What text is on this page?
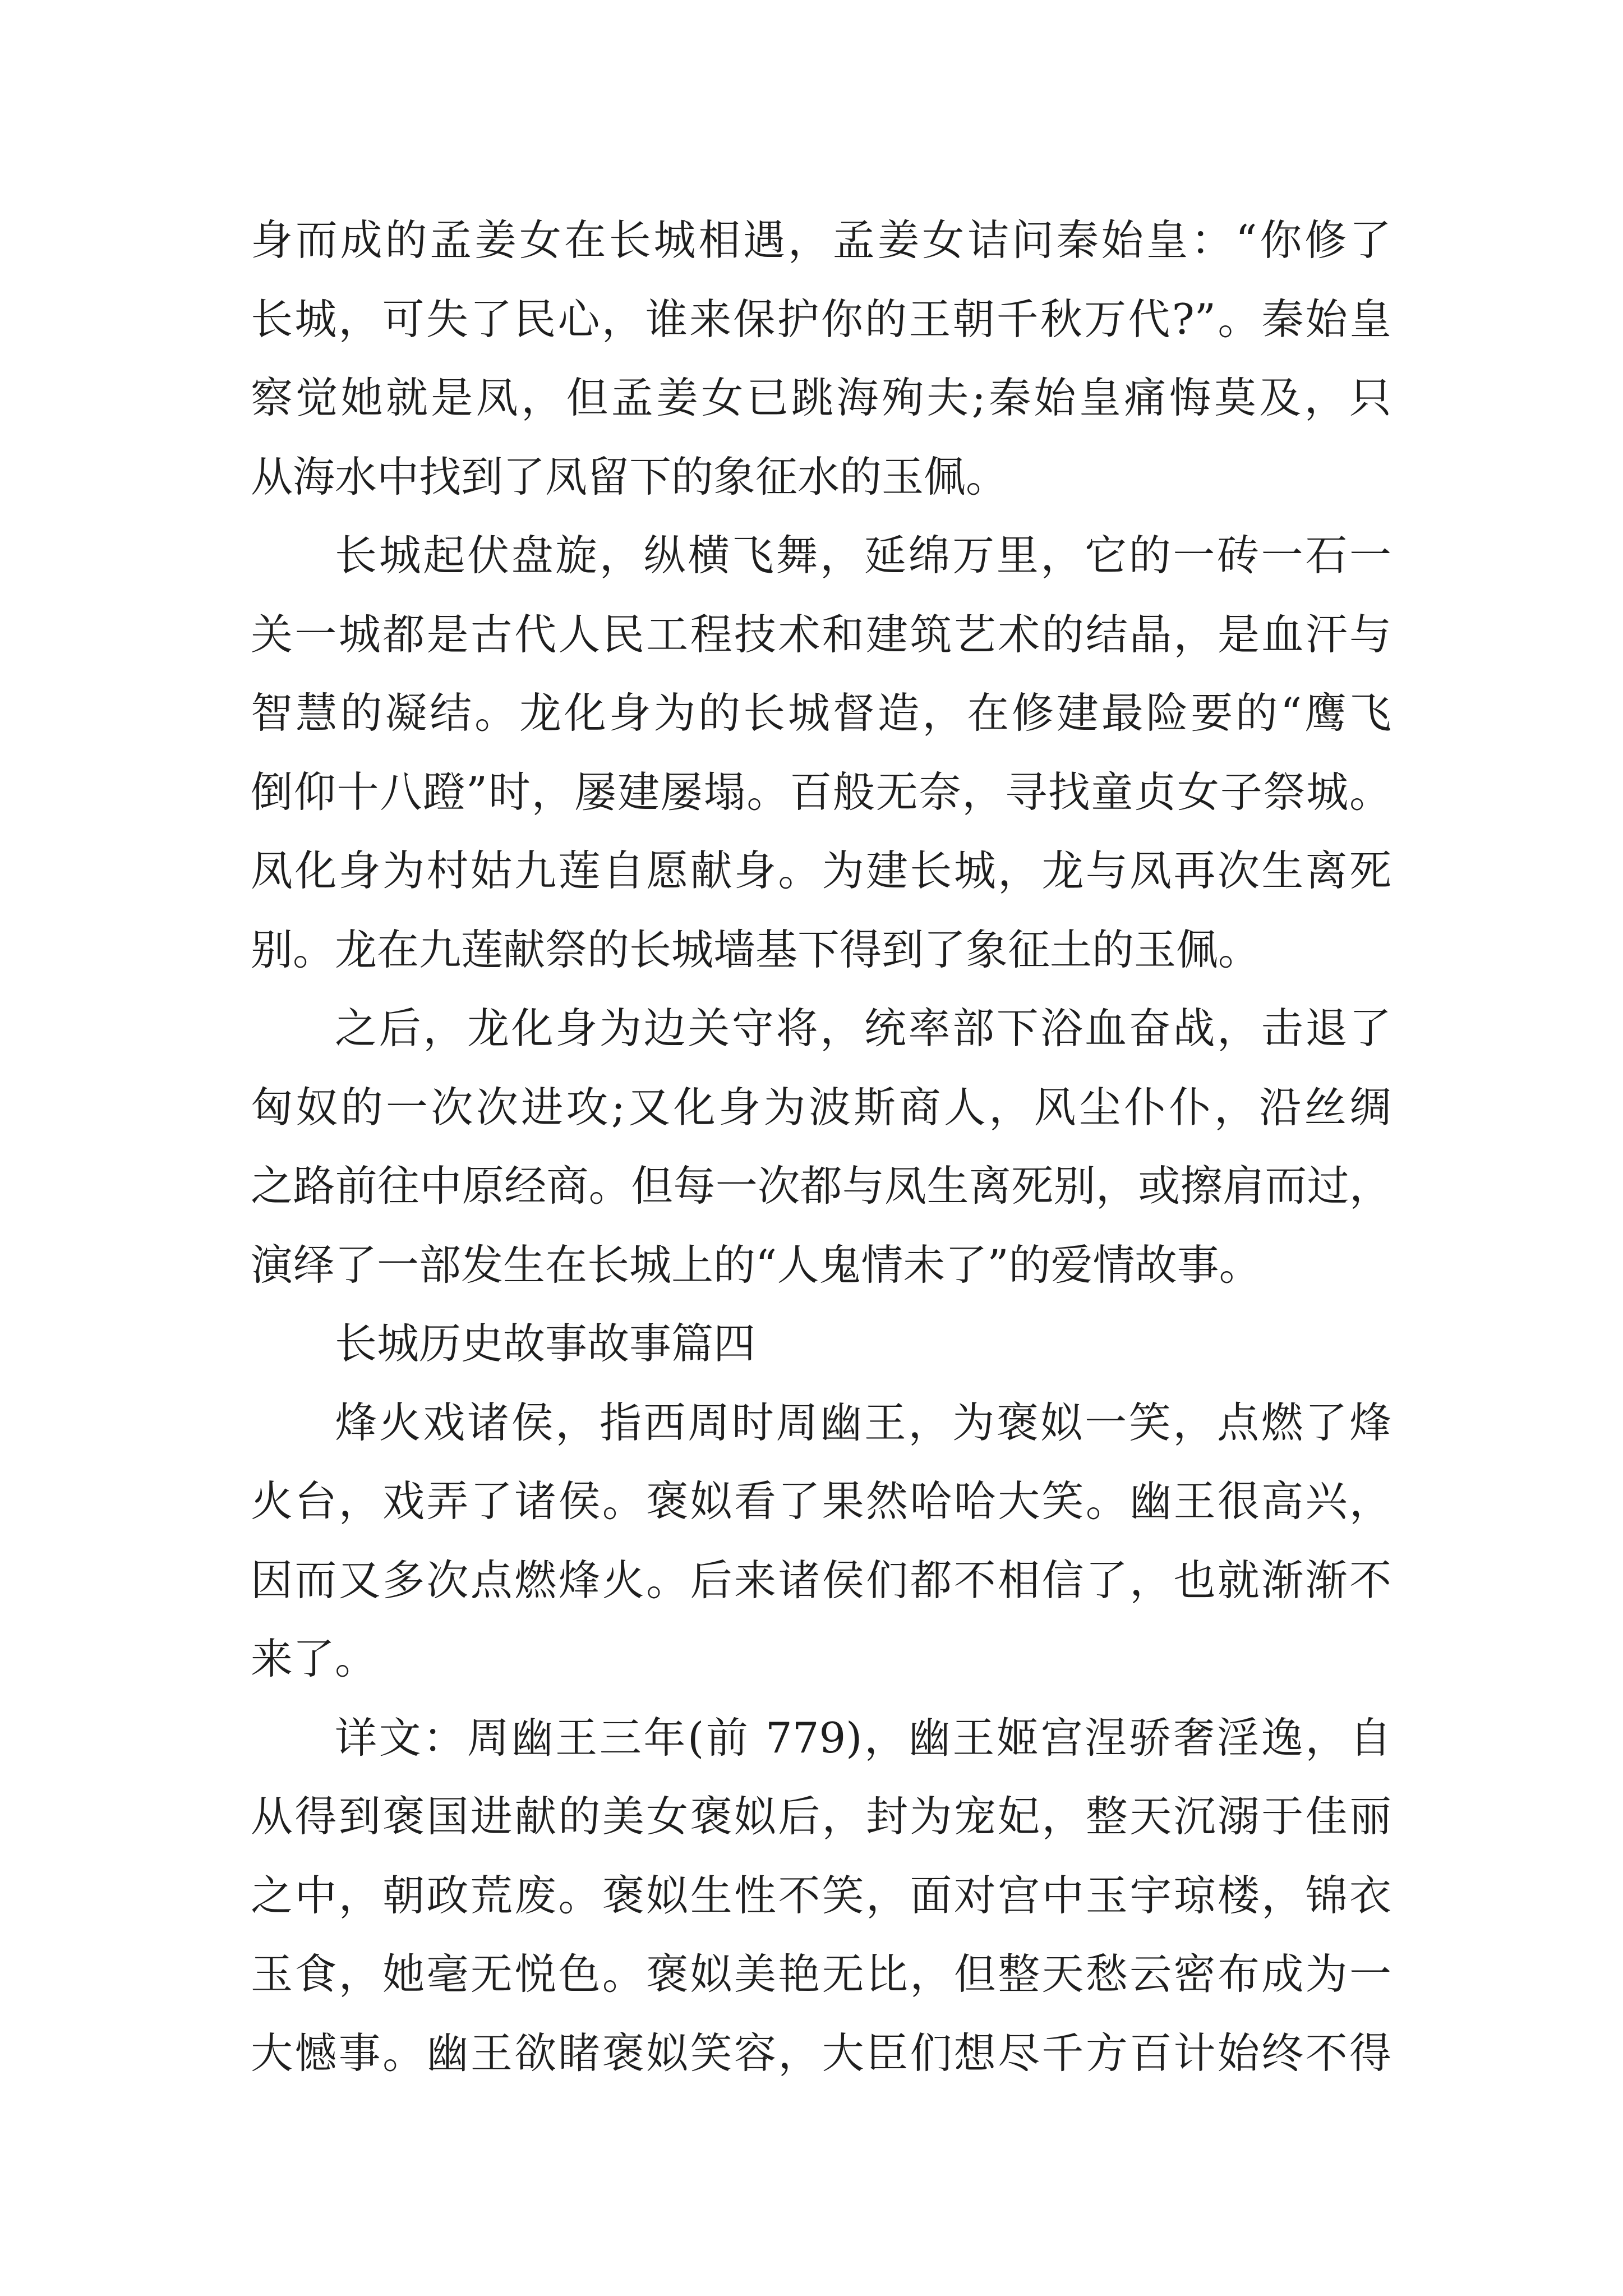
身而成的孟姜女在长城相遇，孟姜女诘问秦始皇：“你修了
长城，可失了民心，谁来保护你的王朝千秋万代?”。秦始皇
察觉她就是凤，但孟姜女已跳海殉夫;秦始皇痛悔莫及，只
从海水中找到了凤留下的象征水的玉佩。
长城起伏盘旋，纵横飞舞，延绵万里，它的一砖一石一
关一城都是古代人民工程技术和建筑艺术的结晶，是血汗与
智慧的凝结。龙化身为的长城督造，在修建最险要的“鹰飞
倒仰十八蹬”时，屡建屡塌。百般无奈，寻找童贞女子祭城。
凤化身为村姑九莲自愿献身。为建长城，龙与凤再次生离死
别。龙在九莲献祭的长城墙基下得到了象征土的玉佩。
之后，龙化身为边关守将，统率部下浴血奋战，击退了
匈奴的一次次进攻;又化身为波斯商人，风尘仆仆，沿丝绸
之路前往中原经商。但每一次都与凤生离死别，或擦肩而过，
演绎了一部发生在长城上的“人鬼情未了”的爱情故事。
长城历史故事故事篇四
烽火戏诸侯，指西周时周幽王，为褒姒一笑，点燃了烽
火台，戏弄了诸侯。褒姒看了果然哈哈大笑。幽王很高兴，
因而又多次点燃烽火。后来诸侯们都不相信了，也就渐渐不
来了。
详文：周幽王三年(前 779)，幽王姬宫涅骄奢淫逸，自
从得到褒国进献的美女褒姒后，封为宠妃，整天沉溺于佳丽
之中，朝政荒废。褒姒生性不笑，面对宫中玉宇琼楼，锦衣
玉食，她毫无悦色。褒姒美艳无比，但整天愁云密布成为一
大憾事。幽王欲睹褒姒笑容，大臣们想尽千方百计始终不得
